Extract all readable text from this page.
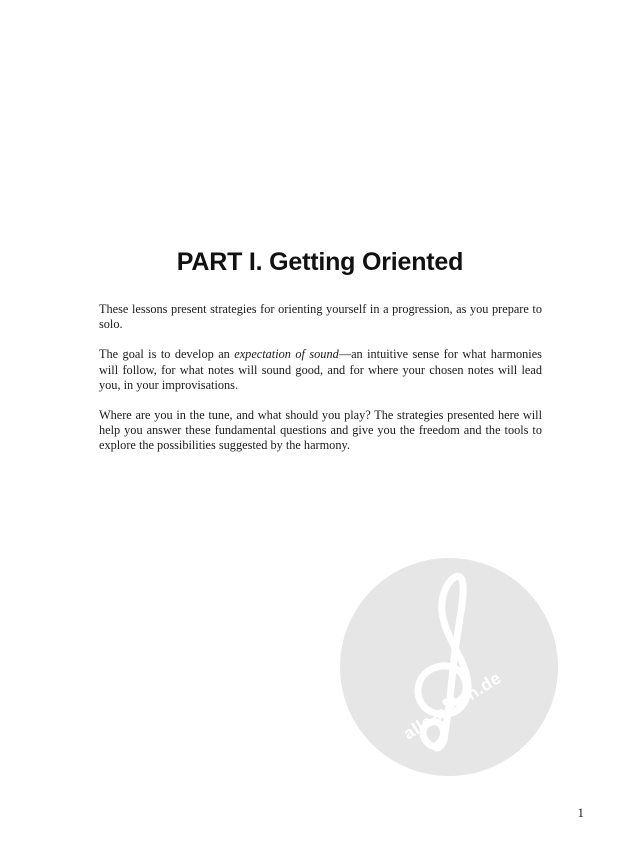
PART I. Getting Oriented

These lessons present strategies for orienting yourself in a progression, as you prepare to solo.

The goal is to develop an expectation of sound—an intuitive sense for what harmonies will follow, for what notes will sound good, and for where your chosen notes will lead you, in your improvisations.

Where are you in the tune, and what should you play? The strategies presented here will help you answer these fundamental questions and give you the freedom and the tools to explore the possibilities suggested by the harmony.

alle-noten.de
1
